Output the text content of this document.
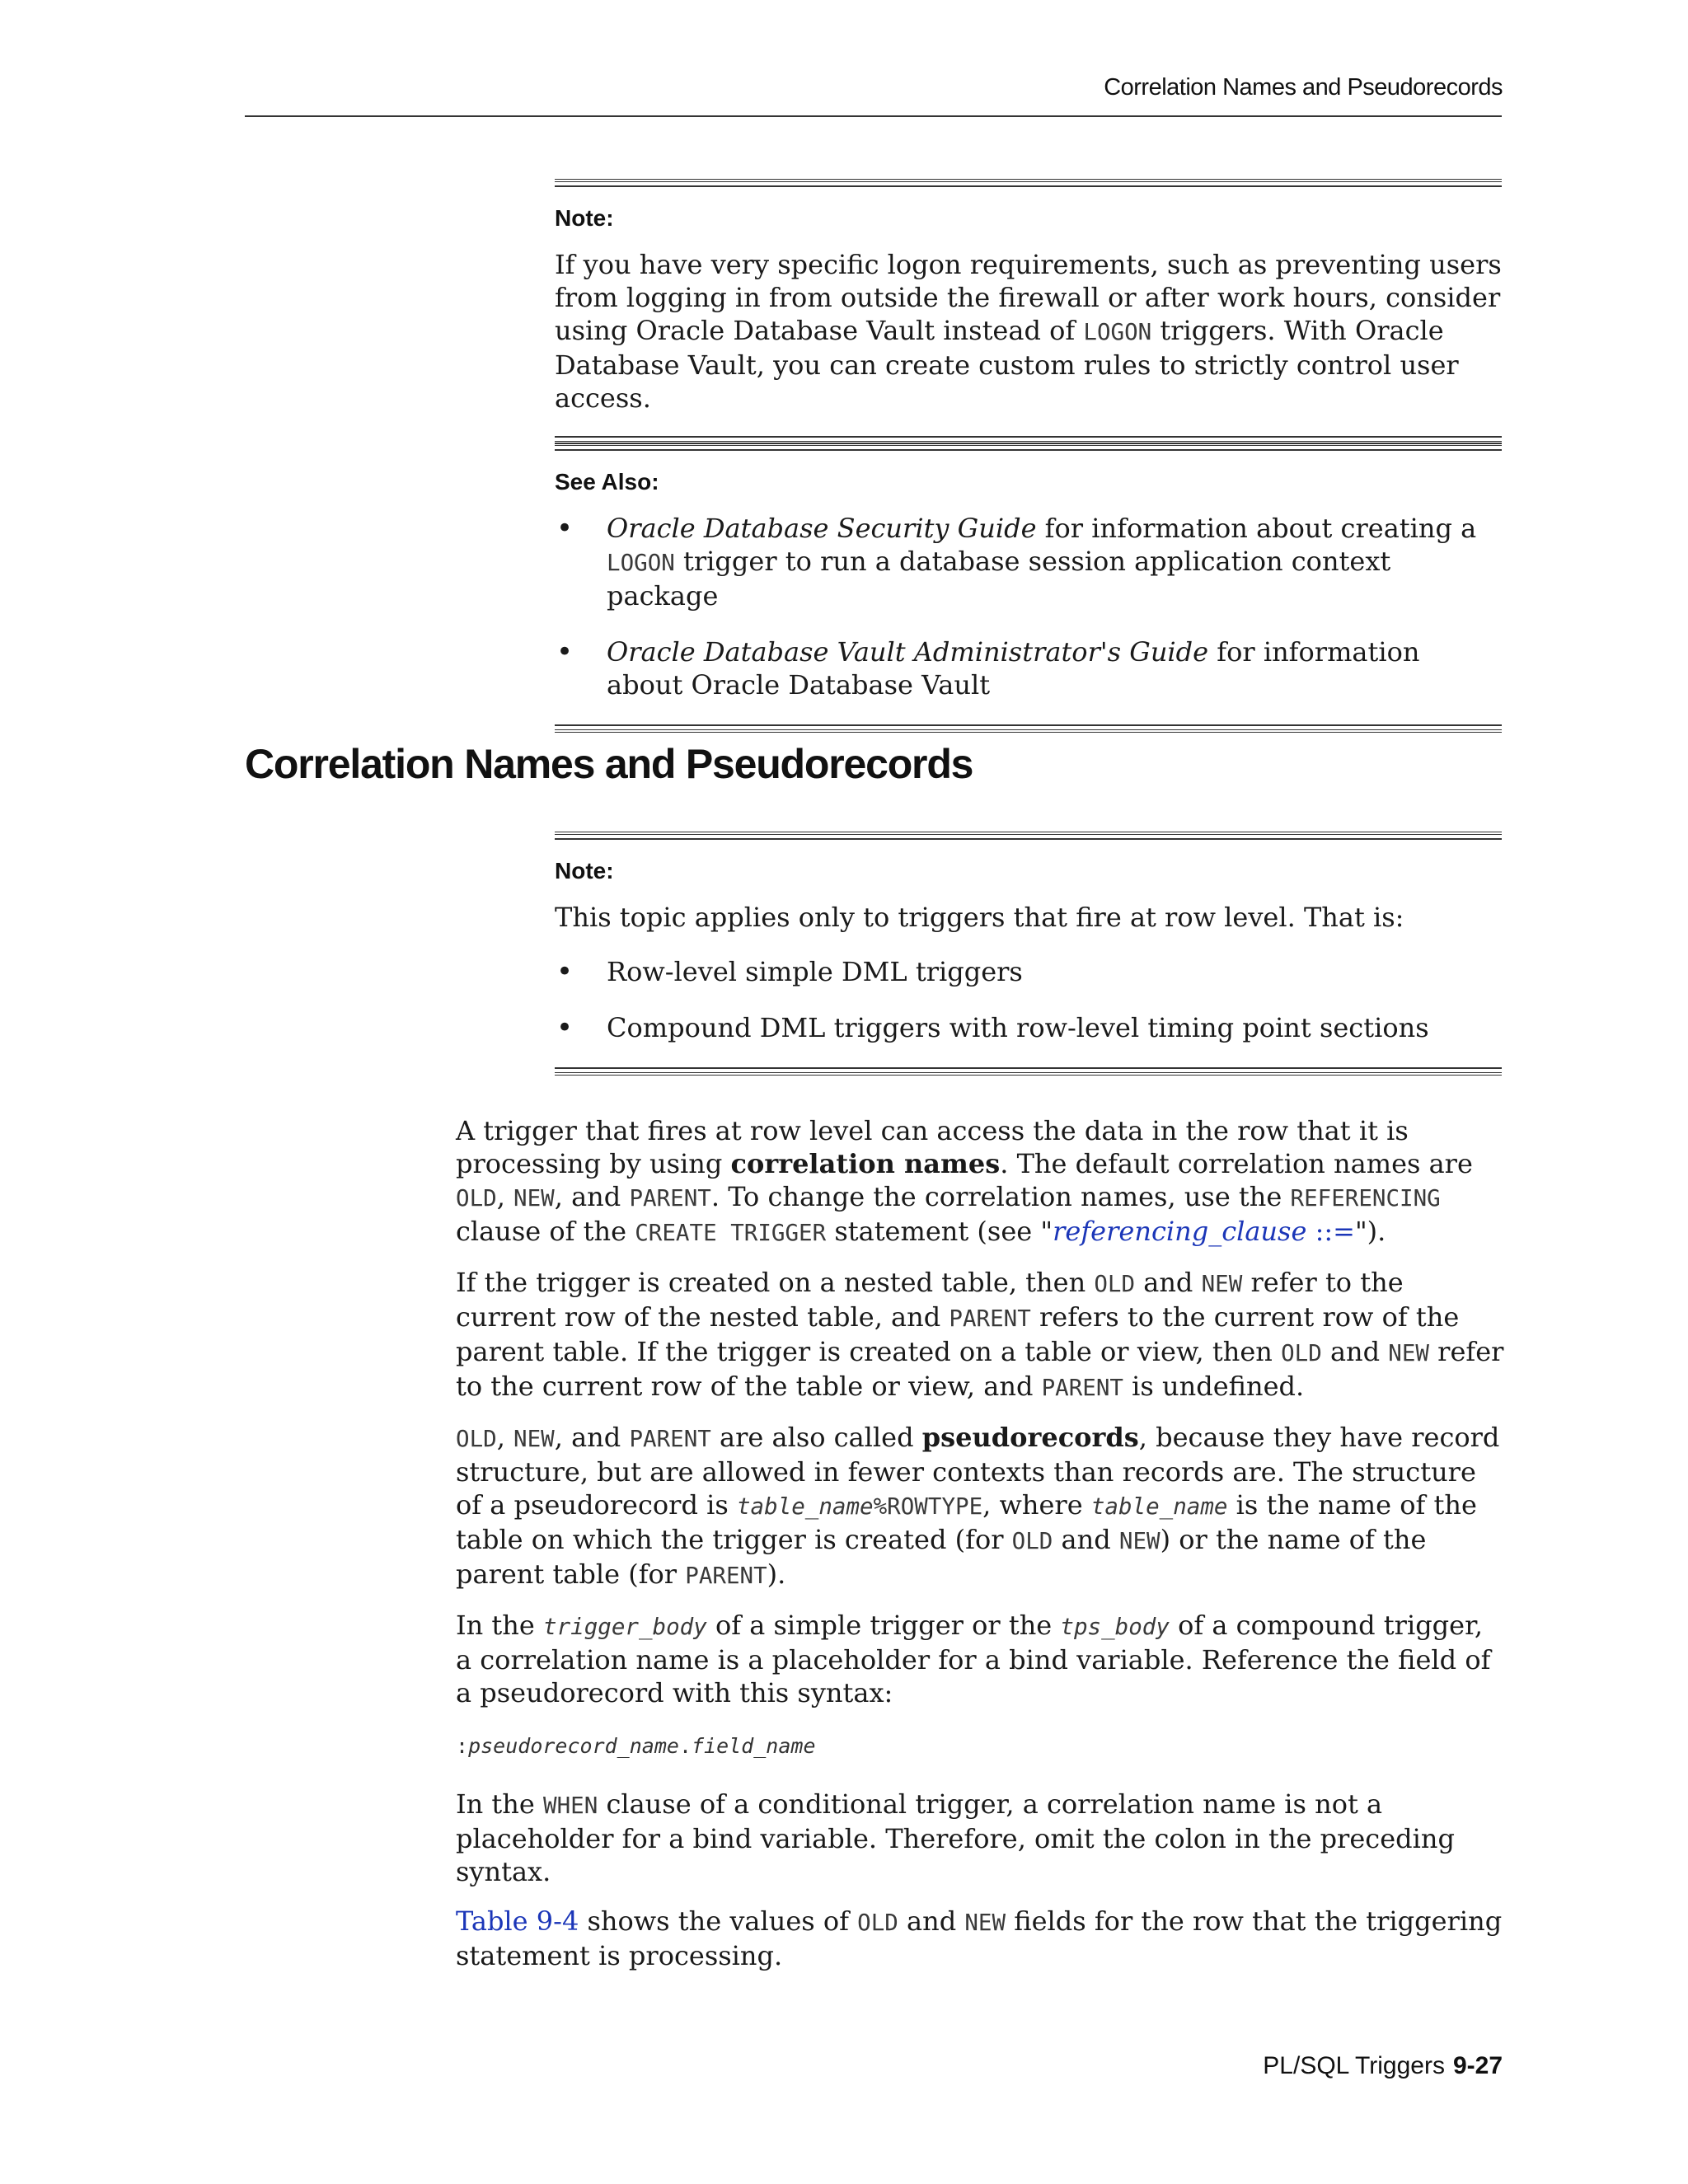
Correlation Names and Pseudorecords
Note:

If you have very specific logon requirements, such as preventing users from logging in from outside the firewall or after work hours, consider using Oracle Database Vault instead of LOGON triggers. With Oracle Database Vault, you can create custom rules to strictly control user access.

See Also:
• Oracle Database Security Guide for information about creating a LOGON trigger to run a database session application context package
• Oracle Database Vault Administrator's Guide for information about Oracle Database Vault
Correlation Names and Pseudorecords
Note:

This topic applies only to triggers that fire at row level. That is:

• Row-level simple DML triggers
• Compound DML triggers with row-level timing point sections

A trigger that fires at row level can access the data in the row that it is processing by using correlation names. The default correlation names are OLD, NEW, and PARENT. To change the correlation names, use the REFERENCING clause of the CREATE TRIGGER statement (see "referencing_clause ::=").

If the trigger is created on a nested table, then OLD and NEW refer to the current row of the nested table, and PARENT refers to the current row of the parent table. If the trigger is created on a table or view, then OLD and NEW refer to the current row of the table or view, and PARENT is undefined.

OLD, NEW, and PARENT are also called pseudorecords, because they have record structure, but are allowed in fewer contexts than records are. The structure of a pseudorecord is table_name%ROWTYPE, where table_name is the name of the table on which the trigger is created (for OLD and NEW) or the name of the parent table (for PARENT).

In the trigger_body of a simple trigger or the tps_body of a compound trigger, a correlation name is a placeholder for a bind variable. Reference the field of a pseudorecord with this syntax:

:pseudorecord_name.field_name

In the WHEN clause of a conditional trigger, a correlation name is not a placeholder for a bind variable. Therefore, omit the colon in the preceding syntax.

Table 9-4 shows the values of OLD and NEW fields for the row that the triggering statement is processing.

PL/SQL Triggers 9-27
